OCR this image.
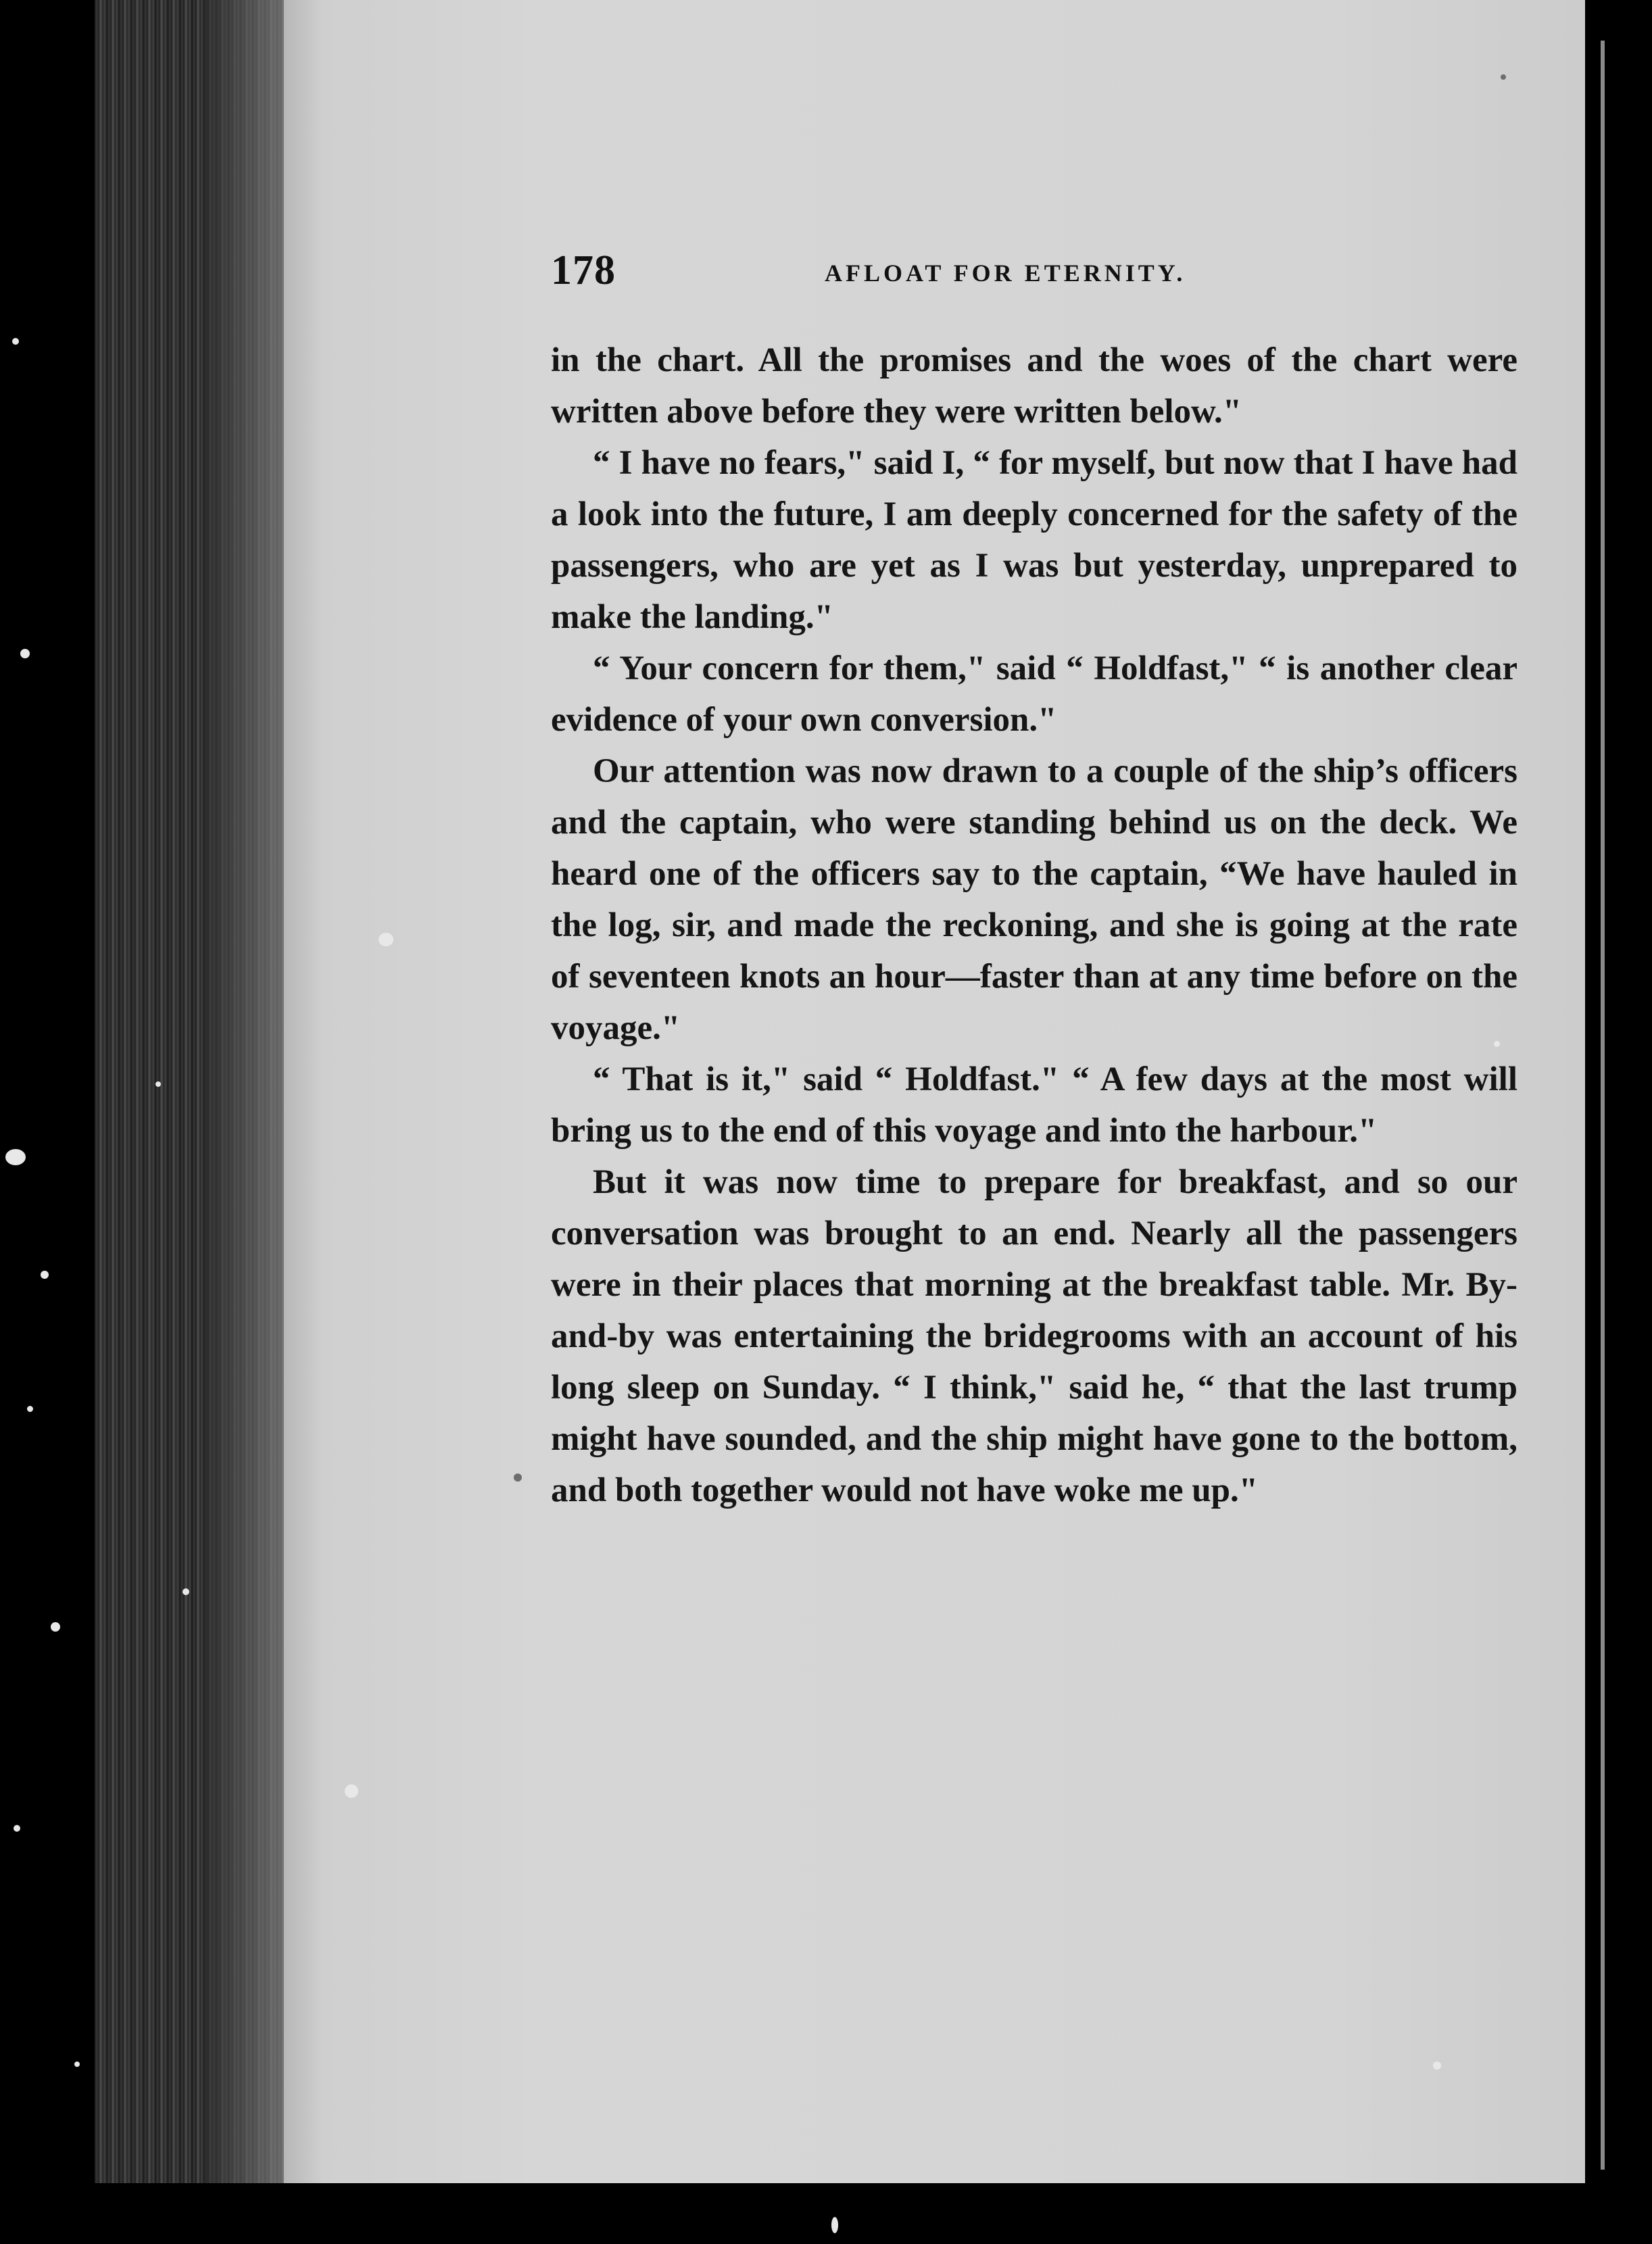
178	AFLOAT FOR ETERNITY.

in the chart. All the promises and the woes of the chart were written above before they were written below."

“ I have no fears," said I, “ for myself, but now that I have had a look into the future, I am deeply concerned for the safety of the passengers, who are yet as I was but yesterday, unprepared to make the landing."

“ Your concern for them," said “ Holdfast," “ is another clear evidence of your own conversion."

Our attention was now drawn to a couple of the ship’s officers and the captain, who were standing behind us on the deck. We heard one of the officers say to the captain, “We have hauled in the log, sir, and made the reckoning, and she is going at the rate of seventeen knots an hour—faster than at any time before on the voyage."

“ That is it," said “ Holdfast." “ A few days at the most will bring us to the end of this voyage and into the harbour."

But it was now time to prepare for breakfast, and so our conversation was brought to an end. Nearly all the passengers were in their places that morning at the breakfast table. Mr. By-and-by was entertaining the bridegrooms with an account of his long sleep on Sunday. “ I think," said he, “ that the last trump might have sounded, and the ship might have gone to the bottom, and both together would not have woke me up."
